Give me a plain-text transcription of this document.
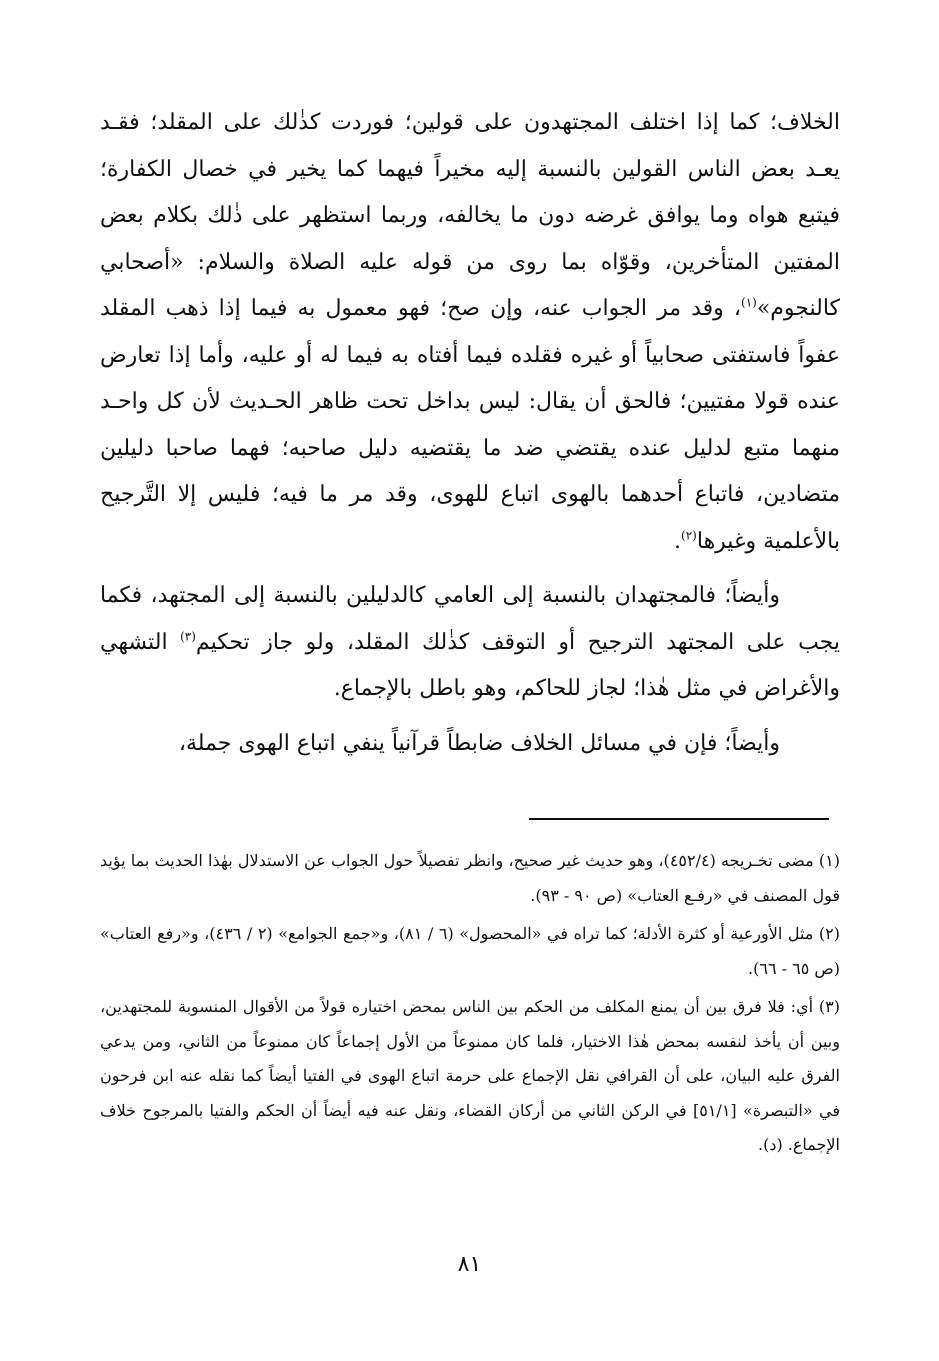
الخلاف؛ كما إذا اختلف المجتهدون على قولين؛ فوردت كذٰلك على المقلد؛ فقـد يعـد بعض الناس القولين بالنسبة إليه مخيراً فيهما كما يخير في خصال الكفارة؛ فيتبع هواه وما يوافق غرضه دون ما يخالفه، وربما استظهر على ذٰلك بكلام بعض المفتين المتأخرين، وقوّاه بما روى من قوله عليه الصلاة والسلام: «أصحابي كالنجوم»$^{(١)}$، وقد مر الجواب عنه، وإن صح؛ فهو معمول به فيما إذا ذهب المقلد عفواً فاستفتى صحابياً أو غيره فقلده فيما أفتاه به فيما له أو عليه، وأما إذا تعارض عنده قولا مفتيين؛ فالحق أن يقال: ليس بداخل تحت ظاهر الحـديث لأن كل واحـد منهما متبع لدليل عنده يقتضي ضد ما يقتضيه دليل صاحبه؛ فهما صاحبا دليلين متضادين، فاتباع أحدهما بالهوى اتباع للهوى، وقد مر ما فيه؛ فليس إلا التَّرجيح بالأعلمية وغيرها$^{(٢)}$.

وأيضاً؛ فالمجتهدان بالنسبة إلى العامي كالدليلين بالنسبة إلى المجتهد، فكما يجب على المجتهد الترجيح أو التوقف كذٰلك المقلد، ولو جاز تحكيم$^{(٣)}$ التشهي والأغراض في مثل هٰذا؛ لجاز للحاكم، وهو باطل بالإجماع.

وأيضاً؛ فإن في مسائل الخلاف ضابطاً قرآنياً ينفي اتباع الهوى جملة،

(١) مضى تخـريجه (٤٥٢/٤)، وهو حديث غير صحيح، وانظر تفصيلاً حول الجواب عن الاستدلال بهٰذا الحديث بما يؤيد قول المصنف في «رفـع العتاب» (ص ٩٠ - ٩٣).

(٢) مثل الأورعية أو كثرة الأدلة؛ كما تراه في «المحصول» (٦ / ٨١)، و«جمع الجوامع» (٢ / ٤٣٦)، و«رفع العتاب» (ص ٦٥ - ٦٦).

(٣) أي: فلا فرق بين أن يمنع المكلف من الحكم بين الناس بمحض اختياره قولاً من الأقوال المنسوبة للمجتهدين، وبين أن يأخذ لنفسه بمحض هٰذا الاختيار، فلما كان ممنوعاً من الأول إجماعاً كان ممنوعاً من الثاني، ومن يدعي الفرق عليه البيان، على أن القرافي نقل الإجماع على حرمة اتباع الهوى في الفتيا أيضاً كما نقله عنه ابن فرحون في «التبصرة» [٥١/١] في الركن الثاني من أركان القضاء، ونقل عنه فيه أيضاً أن الحكم والفتيا بالمرجوح خلاف الإجماع. (د).

٨١
